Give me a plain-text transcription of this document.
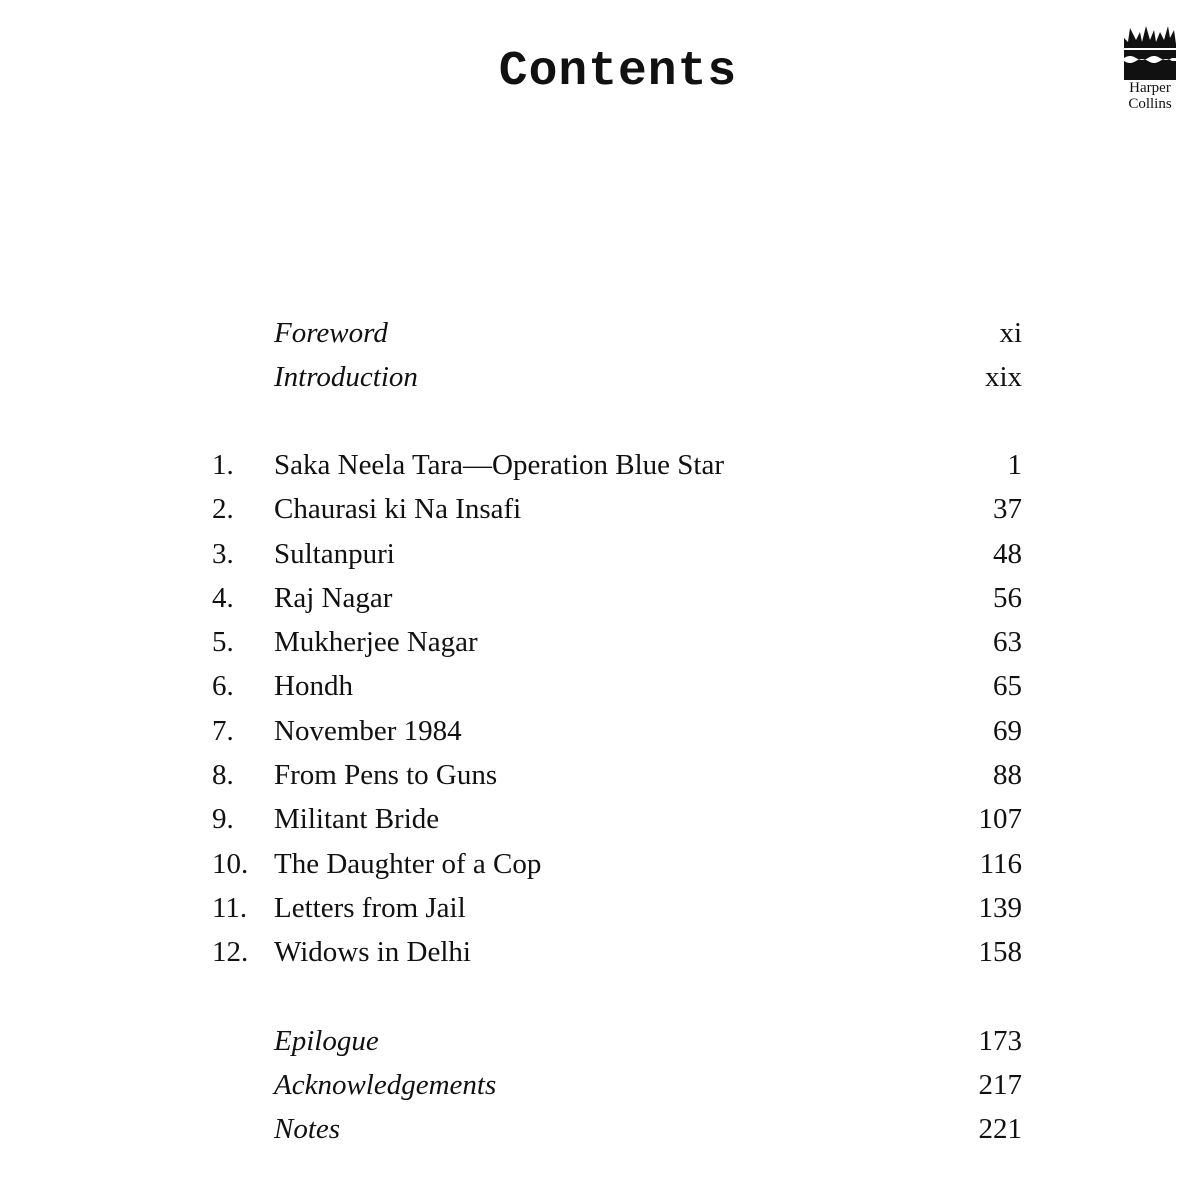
Contents	Harper
Collins
Foreword	xi
Introduction	xix
1.	Saka Neela Tara—Operation Blue Star	1
2.	Chaurasi ki Na Insafi	37
3.	Sultanpuri	48
4.	Raj Nagar	56
5.	Mukherjee Nagar	63
6.	Hondh	65
7.	November 1984	69
8.	From Pens to Guns	88
9.	Militant Bride	107
10. The Daughter of a Cop	116
11. Letters from Jail	139
12. Widows in Delhi	158
Epilogue	173
Acknowledgements	217
Notes	221
